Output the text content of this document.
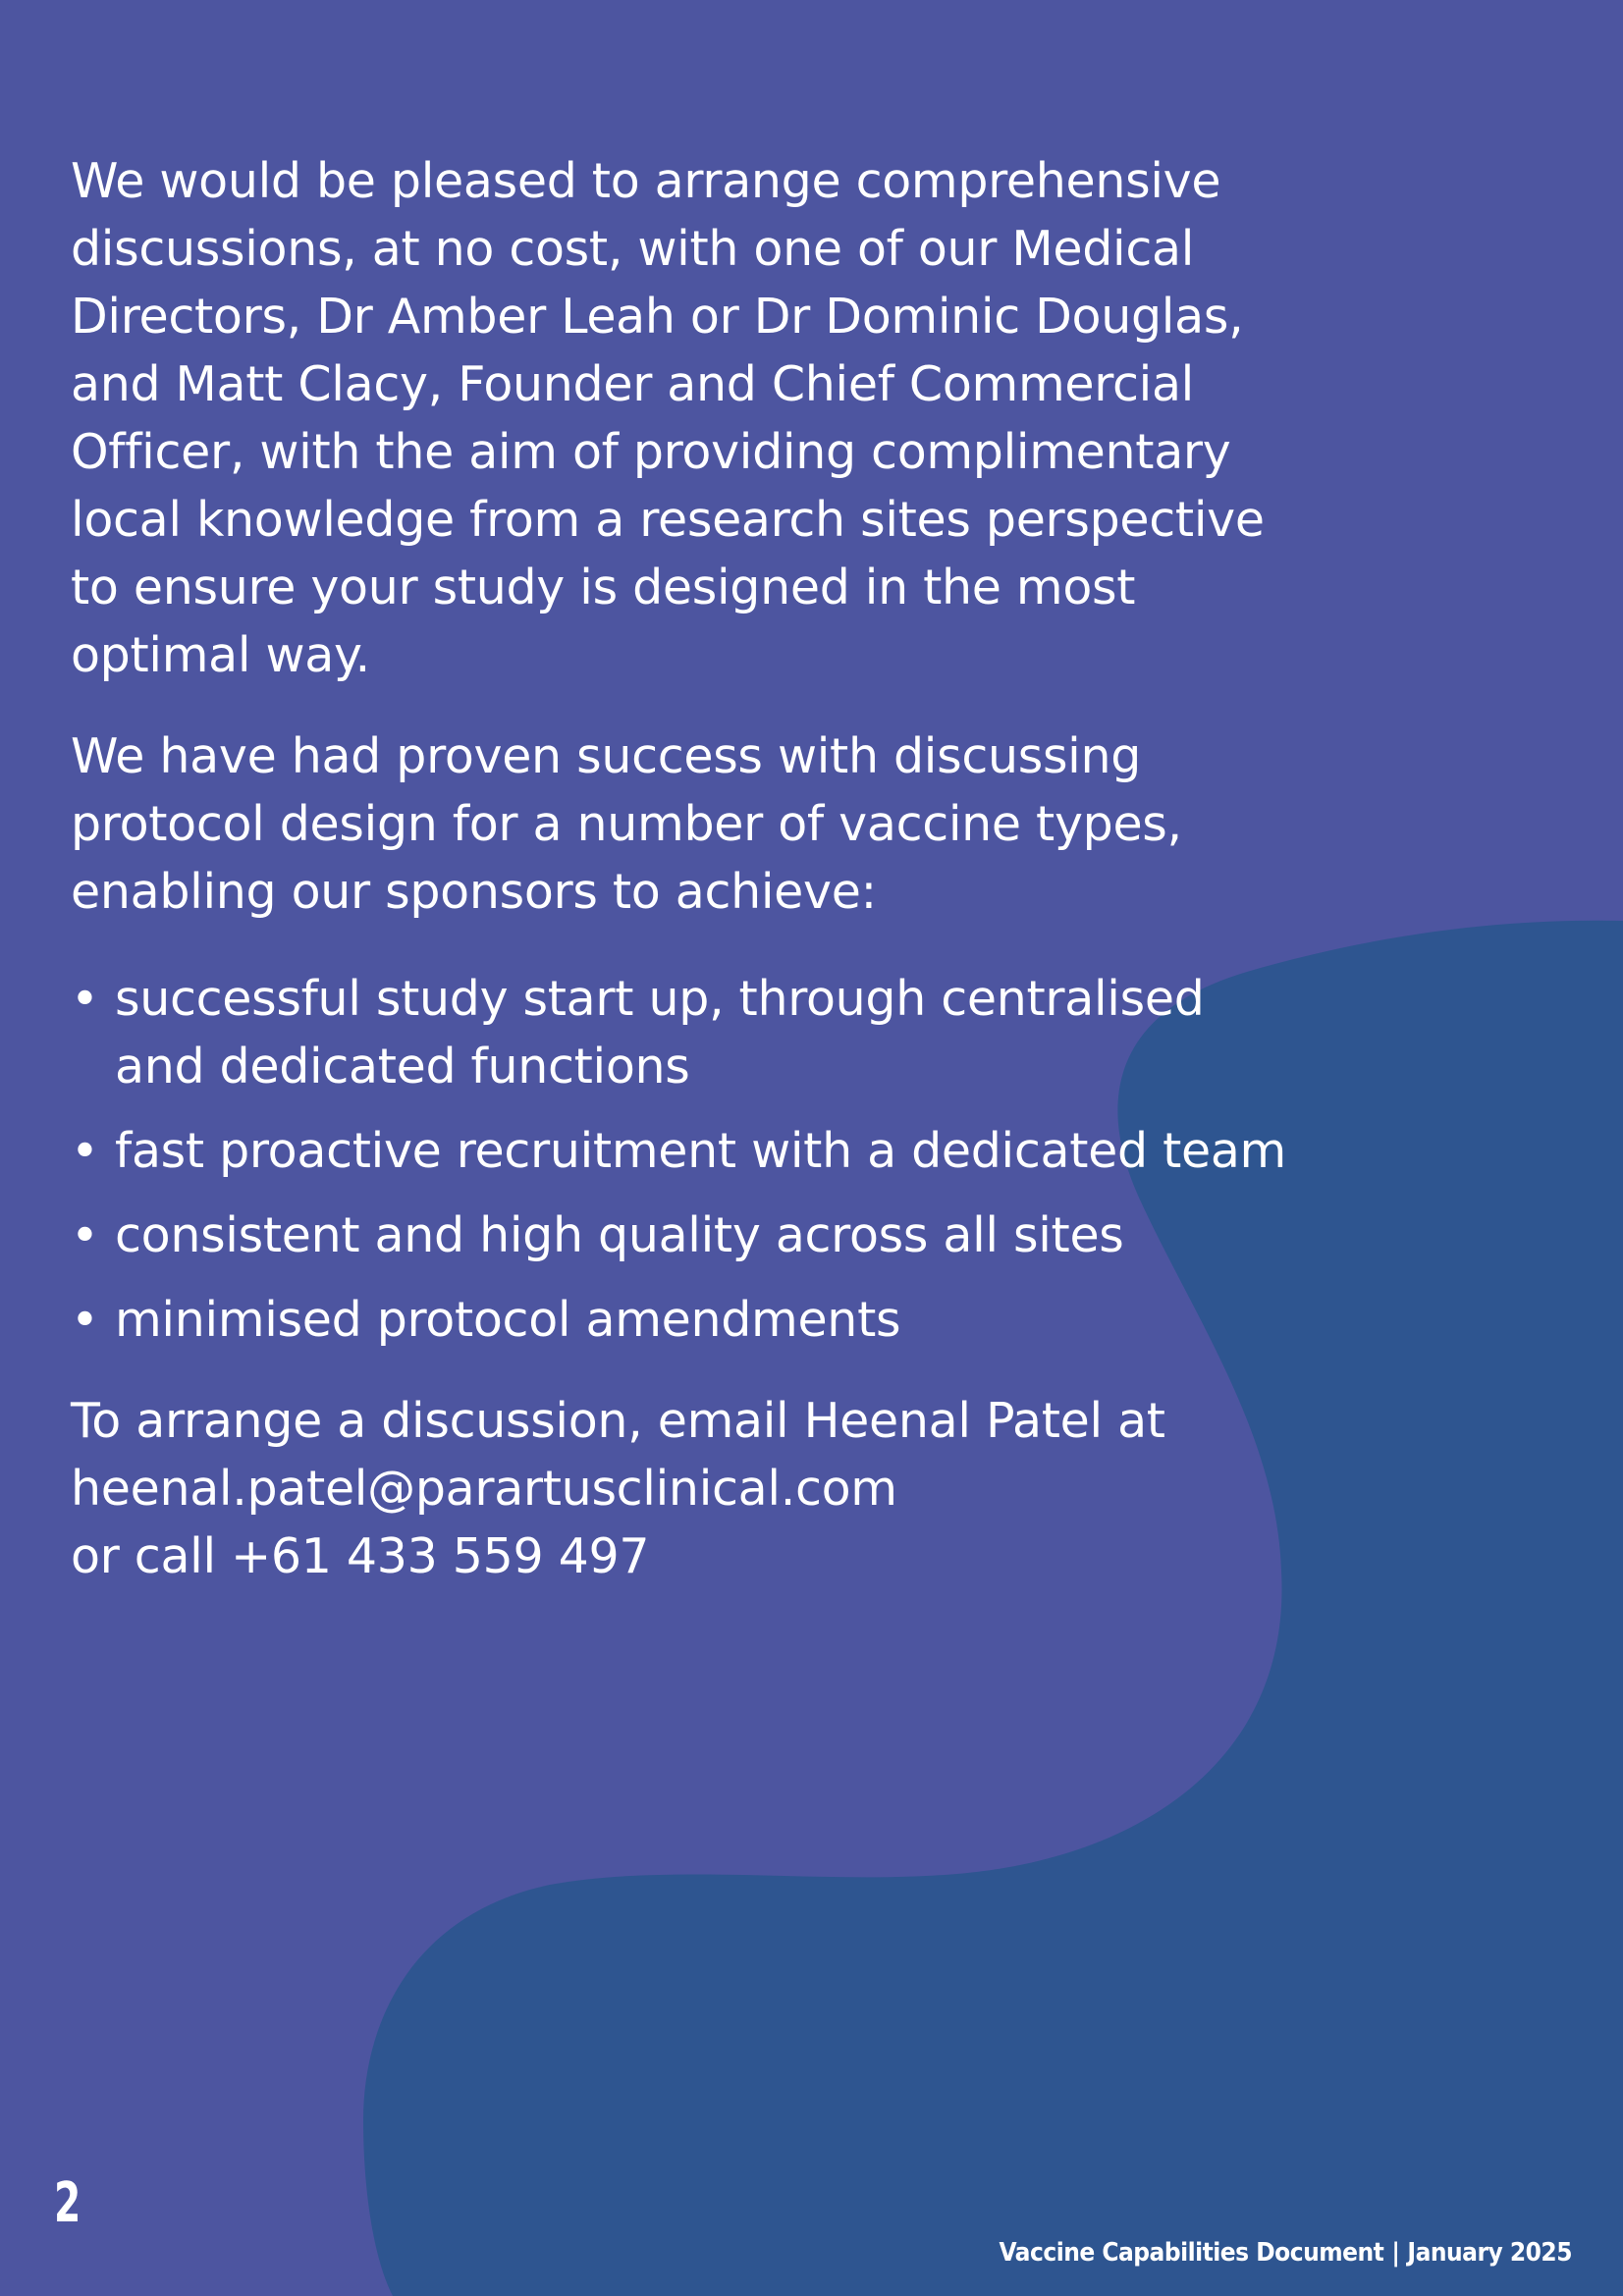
We would be pleased to arrange comprehensive
discussions, at no cost, with one of our Medical
Directors, Dr Amber Leah or Dr Dominic Douglas,
and Matt Clacy, Founder and Chief Commercial
Officer, with the aim of providing complimentary
local knowledge from a research sites perspective
to ensure your study is designed in the most
optimal way.
We have had proven success with discussing
protocol design for a number of vaccine types,
enabling our sponsors to achieve:
• successful study start up, through centralised
and dedicated functions
• fast proactive recruitment with a dedicated team
• consistent and high quality across all sites
• minimised protocol amendments
To arrange a discussion, email Heenal Patel at
heenal.patel@parartusclinical.com
or call +61 433 559 497
2
Vaccine Capabilities Document | January 2025
